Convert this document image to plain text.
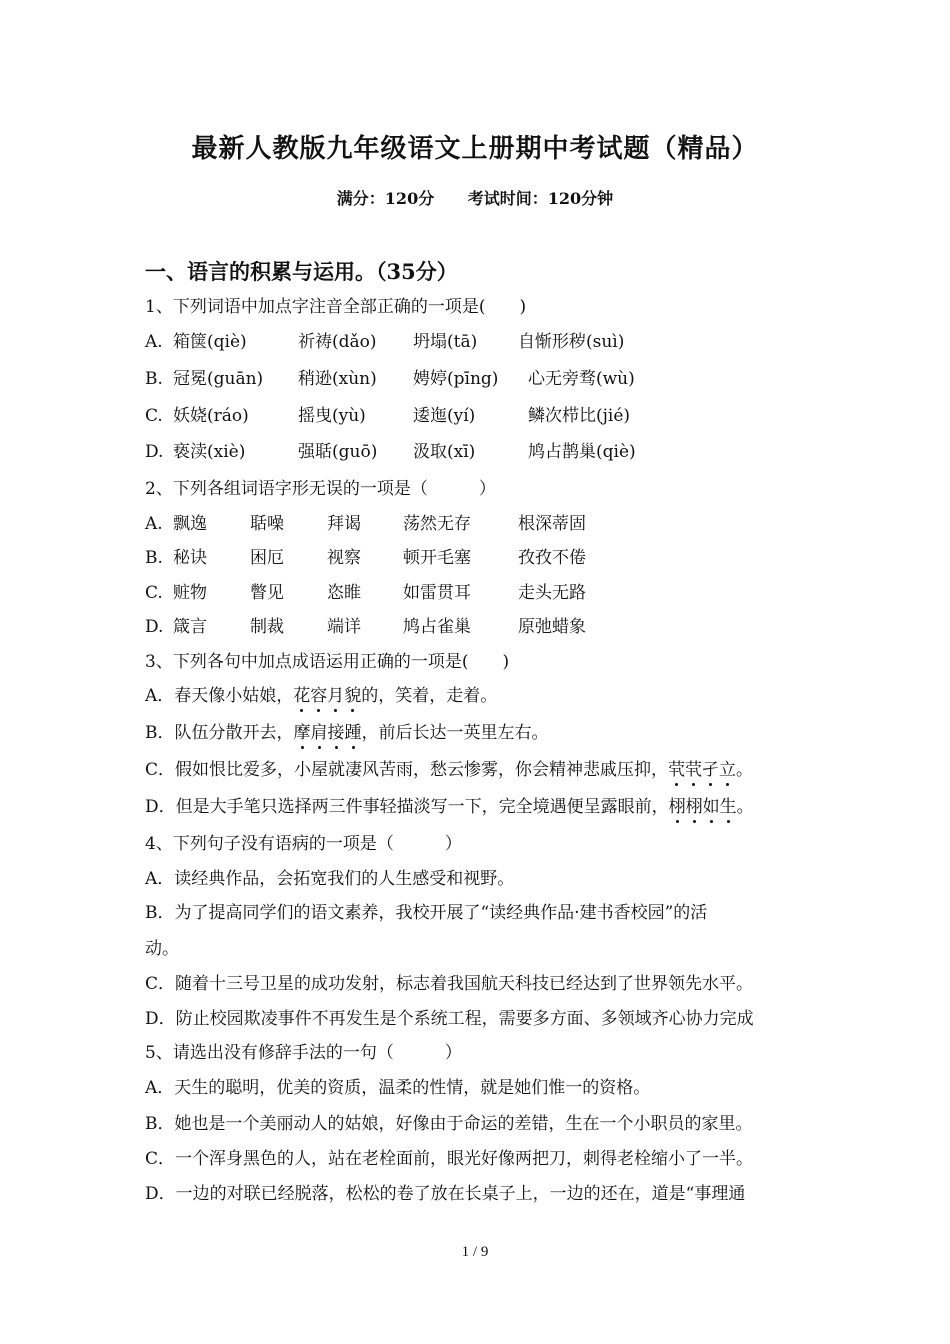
最新人教版九年级语文上册期中考试题（精品）
满分：120分 考试时间：120分钟
一、语言的积累与运用。（35分）
1、下列词语中加点字注音全部正确的一项是(　　)
A. 箱箧(qiè)	祈祷(dǎo) 坍塌(tā) 自惭形秽(suì)
B. 冠冕(guān) 稍逊(xùn) 娉婷(pīng) 心无旁骛(wù)
C. 妖娆(ráo)	摇曳(yù)	逶迤(yí)	鳞次栉比(jié)
D. 亵渎(xiè)	强聒(guō) 汲取(xī)	鸠占鹊巢(qiè)
2、下列各组词语字形无误的一项是（　　　）
A. 飘逸	聒噪	拜谒 荡然无存	根深蒂固
B. 秘诀	困厄	视察 顿开毛塞	孜孜不倦
C. 赃物	瞥见	恣睢 如雷贯耳	走头无路
D. 箴言	制裁	端详 鸠占雀巢	原弛蜡象
3、下列各句中加点成语运用正确的一项是(　　)
A．春天像小姑娘，花容月貌的，笑着，走着。
B．队伍分散开去，摩肩接踵，前后长达一英里左右。
C．假如恨比爱多，小屋就凄风苦雨，愁云惨雾，你会精神悲戚压抑，茕茕孑立。
D．但是大手笔只选择两三件事轻描淡写一下，完全境遇便呈露眼前，栩栩如生。
4、下列句子没有语病的一项是（　　　）
A．读经典作品，会拓宽我们的人生感受和视野。
B．为了提高同学们的语文素养，我校开展了“读经典作品·建书香校园”的活
动。
C．随着十三号卫星的成功发射，标志着我国航天科技已经达到了世界领先水平。
D．防止校园欺凌事件不再发生是个系统工程，需要多方面、多领域齐心协力完成
5、请选出没有修辞手法的一句（　　　）
A．天生的聪明，优美的资质，温柔的性情，就是她们惟一的资格。
B．她也是一个美丽动人的姑娘，好像由于命运的差错，生在一个小职员的家里。
C．一个浑身黑色的人，站在老栓面前，眼光好像两把刀，刺得老栓缩小了一半。
D．一边的对联已经脱落，松松的卷了放在长桌子上，一边的还在，道是“事理通
1 / 9
